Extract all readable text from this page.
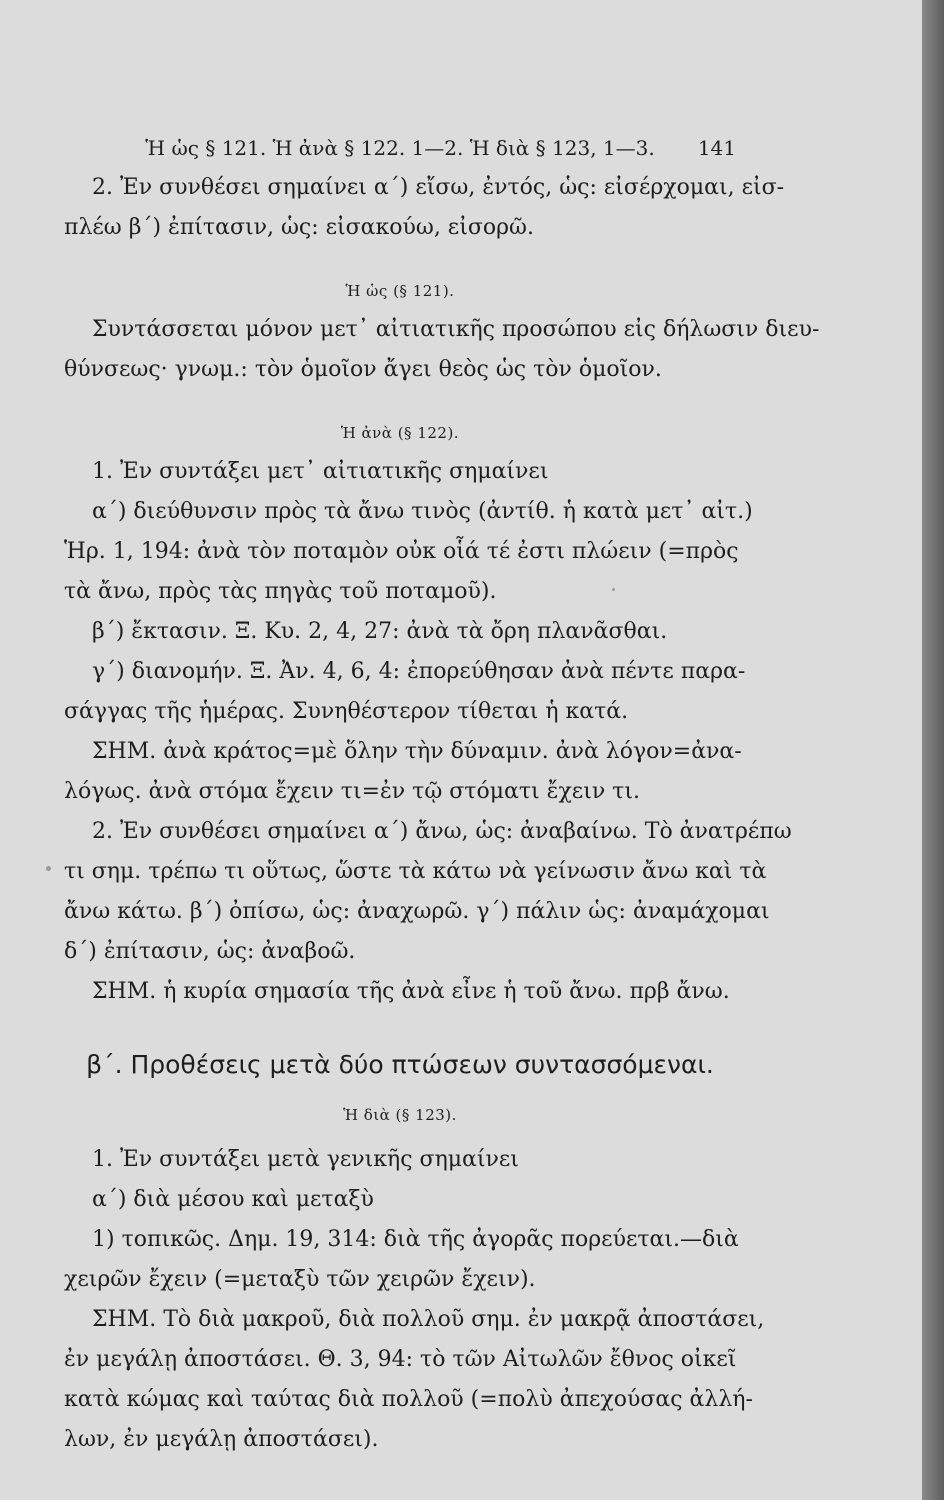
Ἡ ὡς § 121. Ἡ ἀνὰ § 122. 1—2. Ἡ διὰ § 123, 1—3. 141

2. Ἐν συνθέσει σημαίνει α΄) εἴσω, ἐντός, ὡς: εἰσέρχομαι, εἰσ-

πλέω β΄) ἐπίτασιν, ὡς: εἰσακούω, εἰσορῶ.

Ἡ ὡς (§ 121).

Συντάσσεται μόνον μετ᾽ αἰτιατικῆς προσώπου εἰς δήλωσιν διευ-

θύνσεως· γνωμ.: τὸν ὁμοῖον ἄγει θεὸς ὡς τὸν ὁμοῖον.

Ἡ ἀνὰ (§ 122).

1. Ἐν συντάξει μετ᾽ αἰτιατικῆς σημαίνει

α΄) διεύθυνσιν πρὸς τὰ ἄνω τινὸς (ἀντίθ. ἡ κατὰ μετ᾽ αἰτ.)

Ἡρ. 1, 194: ἀνὰ τὸν ποταμὸν οὐκ οἷά τέ ἐστι πλώειν (=πρὸς

τὰ ἄνω, πρὸς τὰς πηγὰς τοῦ ποταμοῦ).

β΄) ἔκτασιν. Ξ. Κυ. 2, 4, 27: ἀνὰ τὰ ὄρη πλανᾶσθαι.

γ΄) διανομήν. Ξ. Ἀν. 4, 6, 4: ἐπορεύθησαν ἀνὰ πέντε παρα-

σάγγας τῆς ἡμέρας. Συνηθέστερον τίθεται ἡ κατά.

ΣΗΜ. ἀνὰ κράτος=μὲ ὅλην τὴν δύναμιν. ἀνὰ λόγον=ἀνα-

λόγως. ἀνὰ στόμα ἔχειν τι=ἐν τῷ στόματι ἔχειν τι.

2. Ἐν συνθέσει σημαίνει α΄) ἄνω, ὡς: ἀναβαίνω. Τὸ ἀνατρέπω

τι σημ. τρέπω τι οὕτως, ὥστε τὰ κάτω νὰ γείνωσιν ἄνω καὶ τὰ

ἄνω κάτω. β΄) ὀπίσω, ὡς: ἀναχωρῶ. γ΄) πάλιν ὡς: ἀναμάχομαι

δ΄) ἐπίτασιν, ὡς: ἀναβοῶ.

ΣΗΜ. ἡ κυρία σημασία τῆς ἀνὰ εἶνε ἡ τοῦ ἄνω. πρβ ἄνω.

β΄. Προθέσεις μετὰ δύο πτώσεων συντασσόμεναι.
Ἡ διὰ (§ 123).

1. Ἐν συντάξει μετὰ γενικῆς σημαίνει

α΄) διὰ μέσου καὶ μεταξὺ

1) τοπικῶς. Δημ. 19, 314: διὰ τῆς ἀγορᾶς πορεύεται.—διὰ

χειρῶν ἔχειν (=μεταξὺ τῶν χειρῶν ἔχειν).

ΣΗΜ. Τὸ διὰ μακροῦ, διὰ πολλοῦ σημ. ἐν μακρᾷ ἀποστάσει,

ἐν μεγάλῃ ἀποστάσει. Θ. 3, 94: τὸ τῶν Αἰτωλῶν ἔθνος οἰκεῖ

κατὰ κώμας καὶ ταύτας διὰ πολλοῦ (=πολὺ ἀπεχούσας ἀλλή-

λων, ἐν μεγάλῃ ἀποστάσει).
